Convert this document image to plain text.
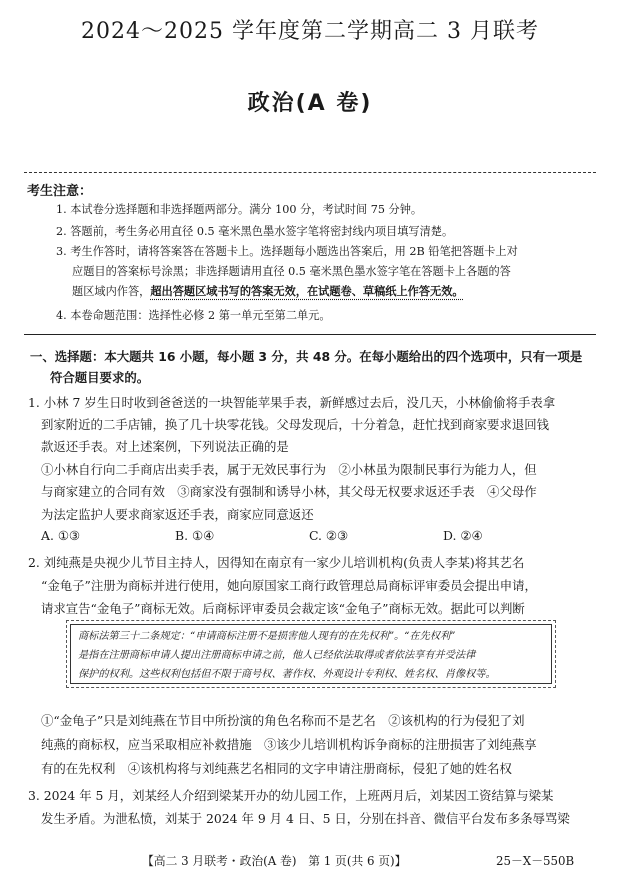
2024～2025 学年度第二学期高二 3 月联考
政治(A 卷)
考生注意：
1. 本试卷分选择题和非选择题两部分。满分 100 分，考试时间 75 分钟。
2. 答题前，考生务必用直径 0.5 毫米黑色墨水签字笔将密封线内项目填写清楚。
3. 考生作答时，请将答案答在答题卡上。选择题每小题选出答案后，用 2B 铅笔把答题卡上对
应题目的答案标号涂黑；非选择题请用直径 0.5 毫米黑色墨水签字笔在答题卡上各题的答
题区域内作答，超出答题区域书写的答案无效，在试题卷、草稿纸上作答无效。
4. 本卷命题范围：选择性必修 2 第一单元至第二单元。
一、选择题：本大题共 16 小题，每小题 3 分，共 48 分。在每小题给出的四个选项中，只有一项是
符合题目要求的。
1. 小林 7 岁生日时收到爸爸送的一块智能苹果手表，新鲜感过去后，没几天，小林偷偷将手表拿
到家附近的二手店铺，换了几十块零花钱。父母发现后，十分着急，赶忙找到商家要求退回钱
款返还手表。对上述案例，下列说法正确的是
①小林自行向二手商店出卖手表，属于无效民事行为　②小林虽为限制民事行为能力人，但
与商家建立的合同有效　③商家没有强制和诱导小林，其父母无权要求返还手表　④父母作
为法定监护人要求商家返还手表，商家应同意返还
A. ①③	B. ①④	C. ②③	D. ②④
2. 刘纯燕是央视少儿节目主持人，因得知在南京有一家少儿培训机构(负责人李某)将其艺名
“金龟子”注册为商标并进行使用，她向原国家工商行政管理总局商标评审委员会提出申请，
请求宣告“金龟子”商标无效。后商标评审委员会裁定该“金龟子”商标无效。据此可以判断
商标法第三十二条规定：“申请商标注册不是损害他人现有的在先权利”。“在先权利”
是指在注册商标申请人提出注册商标申请之前，他人已经依法取得或者依法享有并受法律
保护的权利。这些权利包括但不限于商号权、著作权、外观设计专利权、姓名权、肖像权等。
①“金龟子”只是刘纯燕在节目中所扮演的角色名称而不是艺名　②该机构的行为侵犯了刘
纯燕的商标权，应当采取相应补救措施　③该少儿培训机构诉争商标的注册损害了刘纯燕享
有的在先权利　④该机构将与刘纯燕艺名相同的文字申请注册商标，侵犯了她的姓名权
3. 2024 年 5 月，刘某经人介绍到梁某开办的幼儿园工作，上班两月后，刘某因工资结算与梁某
发生矛盾。为泄私愤，刘某于 2024 年 9 月 4 日、5 日，分别在抖音、微信平台发布多条辱骂梁
【高二 3 月联考・政治(A 卷)　第 1 页(共 6 页)】	25－X－550B
